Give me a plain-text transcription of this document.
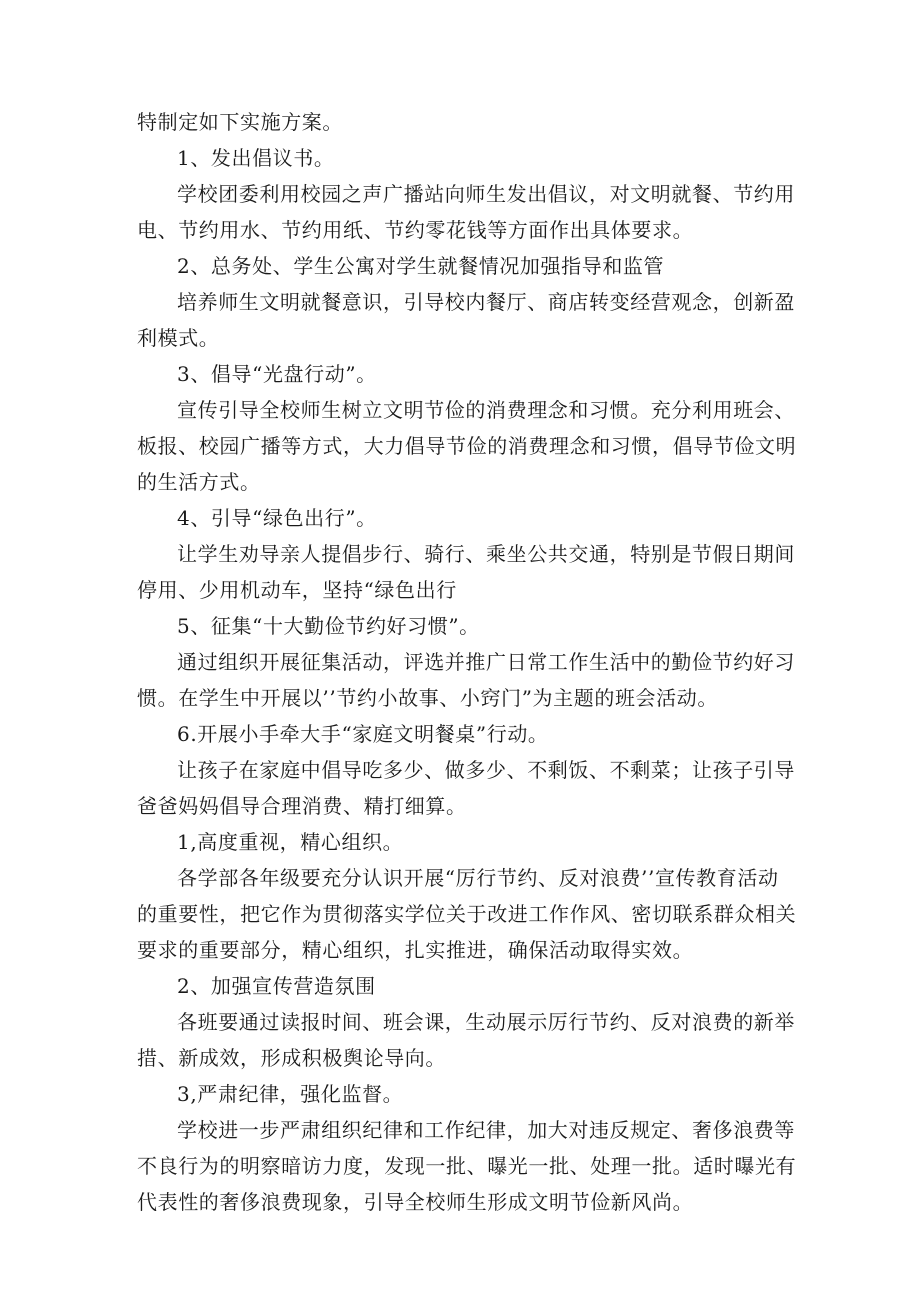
特制定如下实施方案。

1、发出倡议书。

学校团委利用校园之声广播站向师生发出倡议，对文明就餐、节约用电、节约用水、节约用纸、节约零花钱等方面作出具体要求。

2、总务处、学生公寓对学生就餐情况加强指导和监管

培养师生文明就餐意识，引导校内餐厅、商店转变经营观念，创新盈利模式。

3、倡导“光盘行动”。

宣传引导全校师生树立文明节俭的消费理念和习惯。充分利用班会、板报、校园广播等方式，大力倡导节俭的消费理念和习惯，倡导节俭文明的生活方式。

4、引导“绿色出行”。

让学生劝导亲人提倡步行、骑行、乘坐公共交通，特别是节假日期间停用、少用机动车，坚持“绿色出行

5、征集“十大勤俭节约好习惯”。

通过组织开展征集活动，评选并推广日常工作生活中的勤俭节约好习惯。在学生中开展以’’节约小故事、小窍门”为主题的班会活动。

6.开展小手牵大手“家庭文明餐桌”行动。

让孩子在家庭中倡导吃多少、做多少、不剩饭、不剩菜；让孩子引导爸爸妈妈倡导合理消费、精打细算。

1,高度重视，精心组织。

各学部各年级要充分认识开展“厉行节约、反对浪费’’宣传教育活动的重要性，把它作为贯彻落实学位关于改进工作作风、密切联系群众相关要求的重要部分，精心组织，扎实推进，确保活动取得实效。

2、加强宣传营造氛围

各班要通过读报时间、班会课，生动展示厉行节约、反对浪费的新举措、新成效，形成积极舆论导向。

3,严肃纪律，强化监督。

学校进一步严肃组织纪律和工作纪律，加大对违反规定、奢侈浪费等不良行为的明察暗访力度，发现一批、曝光一批、处理一批。适时曝光有代表性的奢侈浪费现象，引导全校师生形成文明节俭新风尚。
